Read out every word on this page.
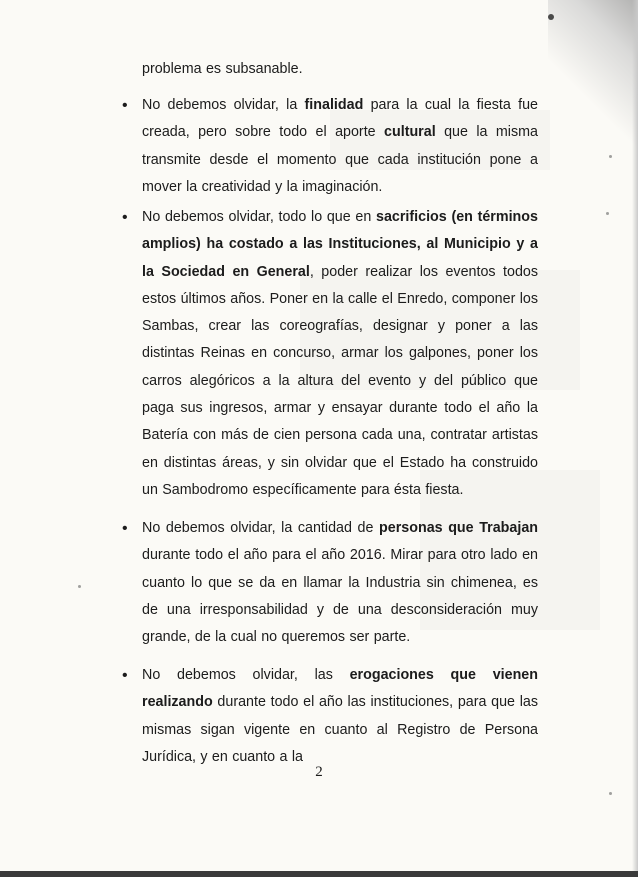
problema es subsanable.

• No debemos olvidar, la finalidad para la cual la fiesta fue creada, pero sobre todo el aporte cultural que la misma transmite desde el momento que cada institución pone a mover la creatividad y la imaginación.

• No debemos olvidar, todo lo que en sacrificios (en términos amplios) ha costado a las Instituciones, al Municipio y a la Sociedad en General, poder realizar los eventos todos estos últimos años. Poner en la calle el Enredo, componer los Sambas, crear las coreografías, designar y poner a las distintas Reinas en concurso, armar los galpones, poner los carros alegóricos a la altura del evento y del público que paga sus ingresos, armar y ensayar durante todo el año la Batería con más de cien persona cada una, contratar artistas en distintas áreas, y sin olvidar que el Estado ha construido un Sambodromo específicamente para ésta fiesta.

• No debemos olvidar, la cantidad de personas que Trabajan durante todo el año para el año 2016. Mirar para otro lado en cuanto lo que se da en llamar la Industria sin chimenea, es de una irresponsabilidad y de una desconsideración muy grande, de la cual no queremos ser parte.

• No debemos olvidar, las erogaciones que vienen realizando durante todo el año las instituciones, para que las mismas sigan vigente en cuanto al Registro de Persona Jurídica, y en cuanto a la

2
